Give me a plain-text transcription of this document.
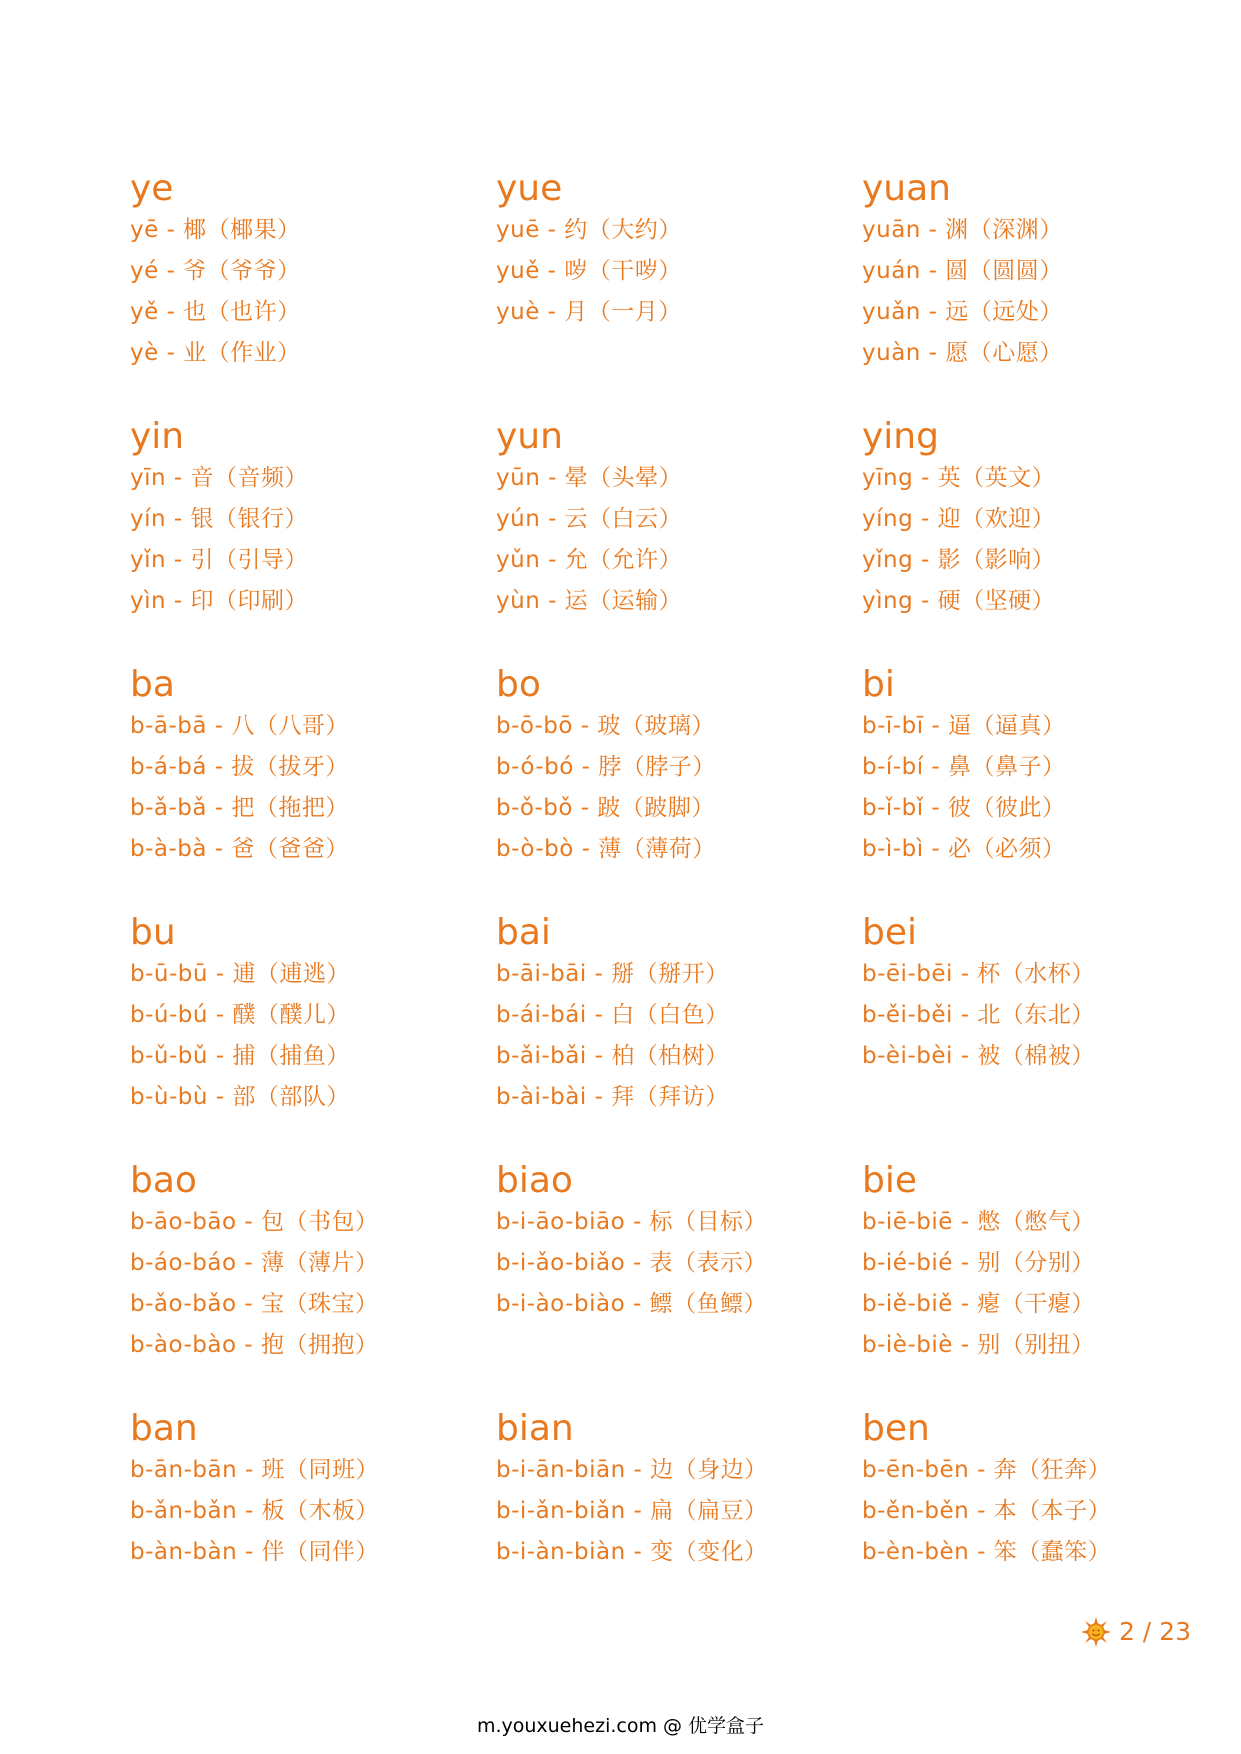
ye
yē - 椰（椰果）
yé - 爷（爷爷）
yě - 也（也许）
yè - 业（作业）
yue
yuē - 约（大约）
yuě - 哕（干哕）
yuè - 月（一月）
yuan
yuān - 渊（深渊）
yuán - 圆（圆圆）
yuǎn - 远（远处）
yuàn - 愿（心愿）
yin
yīn - 音（音频）
yín - 银（银行）
yǐn - 引（引导）
yìn - 印（印刷）
yun
yūn - 晕（头晕）
yún - 云（白云）
yǔn - 允（允许）
yùn - 运（运输）
ying
yīng - 英（英文）
yíng - 迎（欢迎）
yǐng - 影（影响）
yìng - 硬（坚硬）
ba
b-ā-bā - 八（八哥）
b-á-bá - 拔（拔牙）
b-ǎ-bǎ - 把（拖把）
b-à-bà - 爸（爸爸）
bo
b-ō-bō - 玻（玻璃）
b-ó-bó - 脖（脖子）
b-ǒ-bǒ - 跛（跛脚）
b-ò-bò - 薄（薄荷）
bi
b-ī-bī - 逼（逼真）
b-í-bí - 鼻（鼻子）
b-ǐ-bǐ - 彼（彼此）
b-ì-bì - 必（必须）
bu
b-ū-bū - 逋（逋逃）
b-ú-bú - 醭（醭儿）
b-ǔ-bǔ - 捕（捕鱼）
b-ù-bù - 部（部队）
bai
b-āi-bāi - 掰（掰开）
b-ái-bái - 白（白色）
b-ǎi-bǎi - 柏（柏树）
b-ài-bài - 拜（拜访）
bei
b-ēi-bēi - 杯（水杯）
b-ěi-běi - 北（东北）
b-èi-bèi - 被（棉被）
bao
b-āo-bāo - 包（书包）
b-áo-báo - 薄（薄片）
b-ǎo-bǎo - 宝（珠宝）
b-ào-bào - 抱（拥抱）
biao
b-i-āo-biāo - 标（目标）
b-i-ǎo-biǎo - 表（表示）
b-i-ào-biào - 鳔（鱼鳔）
bie
b-iē-biē - 憋（憋气）
b-ié-bié - 别（分别）
b-iě-biě - 瘪（干瘪）
b-iè-biè - 别（别扭）
ban
b-ān-bān - 班（同班）
b-ǎn-bǎn - 板（木板）
b-àn-bàn - 伴（同伴）
bian
b-i-ān-biān - 边（身边）
b-i-ǎn-biǎn - 扁（扁豆）
b-i-àn-biàn - 变（变化）
ben
b-ēn-bēn - 奔（狂奔）
b-ěn-běn - 本（本子）
b-èn-bèn - 笨（蠢笨）
2 / 23
m.youxuehezi.com @ 优学盒子
